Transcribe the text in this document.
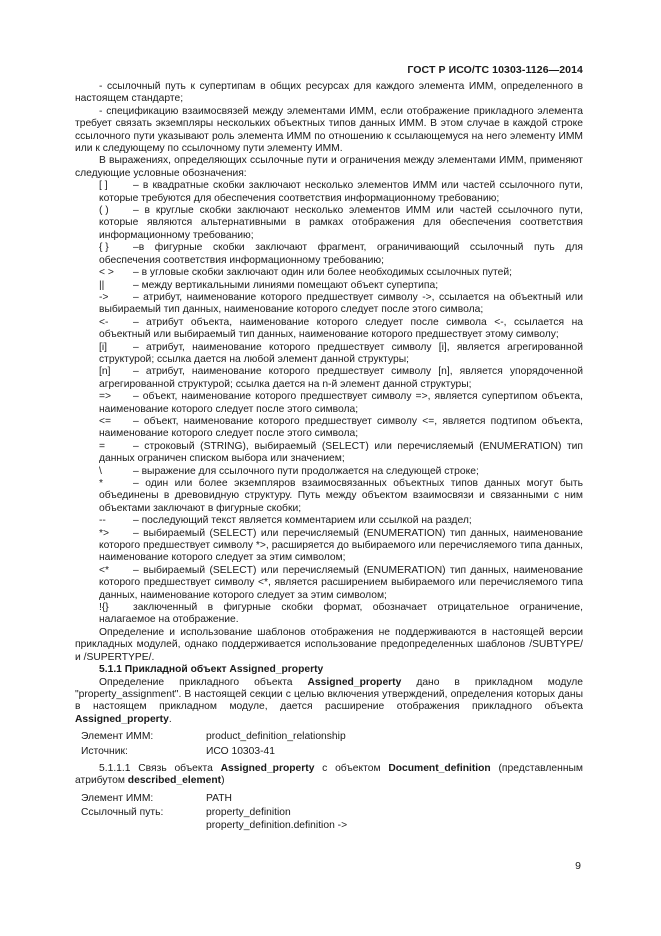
ГОСТ Р ИСО/ТС 10303-1126—2014

- ссылочный путь к супертипам в общих ресурсах для каждого элемента ИММ, определенного в настоящем стандарте;

- спецификацию взаимосвязей между элементами ИММ, если отображение прикладного элемента требует связать экземпляры нескольких объектных типов данных ИММ. В этом случае в каждой строке ссылочного пути указывают роль элемента ИММ по отношению к ссылающемуся на него элементу ИММ или к следующему по ссылочному пути элементу ИММ.

В выражениях, определяющих ссылочные пути и ограничения между элементами ИММ, применяют следующие условные обозначения:

[ ] – в квадратные скобки заключают несколько элементов ИММ или частей ссылочного пути, которые требуются для обеспечения соответствия информационному требованию;

( ) – в круглые скобки заключают несколько элементов ИММ или частей ссылочного пути, которые являются альтернативными в рамках отображения для обеспечения соответствия информационному требованию;

{ } –в фигурные скобки заключают фрагмент, ограничивающий ссылочный путь для обеспечения соответствия информационному требованию;

< > – в угловые скобки заключают один или более необходимых ссылочных путей;

||	– между вертикальными линиями помещают объект супертипа;

-> – атрибут, наименование которого предшествует символу ->, ссылается на объектный или выбираемый тип данных, наименование которого следует после этого символа;

<- – атрибут объекта, наименование которого следует после символа <-, ссылается на объектный или выбираемый тип данных, наименование которого предшествует этому символу;

[i]	– атрибут, наименование которого предшествует символу [i], является агрегированной структурой; ссылка дается на любой элемент данной структуры;

[n] – атрибут, наименование которого предшествует символу [n], является упорядоченной агрегированной структурой; ссылка дается на n-й элемент данной структуры;

=> – объект, наименование которого предшествует символу =>, является супертипом объекта, наименование которого следует после этого символа;

<= – объект, наименование которого предшествует символу <=, является подтипом объекта, наименование которого следует после этого символа;

=	– строковый (STRING), выбираемый (SELECT) или перечисляемый (ENUMERATION) тип данных ограничен списком выбора или значением;

\	– выражение для ссылочного пути продолжается на следующей строке;

*	– один или более экземпляров взаимосвязанных объектных типов данных могут быть объединены в древовидную структуру. Путь между объектом взаимосвязи и связанными с ним объектами заключают в фигурные скобки;

--	– последующий текст является комментарием или ссылкой на раздел;

*> – выбираемый (SELECT) или перечисляемый (ENUMERATION) тип данных, наименование которого предшествует символу *>, расширяется до выбираемого или перечисляемого типа данных, наименование которого следует за этим символом;

<* – выбираемый (SELECT) или перечисляемый (ENUMERATION) тип данных, наименование которого предшествует символу <*, является расширением выбираемого или перечисляемого типа данных, наименование которого следует за этим символом;

!{} заключенный в фигурные скобки формат, обозначает отрицательное ограничение, налагаемое на отображение.

Определение и использование шаблонов отображения не поддерживаются в настоящей версии прикладных модулей, однако поддерживается использование предопределенных шаблонов /SUBTYPE/ и /SUPERTYPE/.

5.1.1 Прикладной объект Assigned_property

Определение прикладного объекта Assigned_property дано в прикладном модуле "property_assignment". В настоящей секции с целью включения утверждений, определения которых даны в настоящем прикладном модуле, дается расширение отображения прикладного объекта Assigned_property.

Элемент ИММ:	product_definition_relationship
Источник:	ИСО 10303-41

5.1.1.1 Связь объекта Assigned_property с объектом Document_definition (представленным атрибутом described_element)

Элемент ИММ:	PATH
Ссылочный путь:	property_definition
property_definition.definition ->
9
